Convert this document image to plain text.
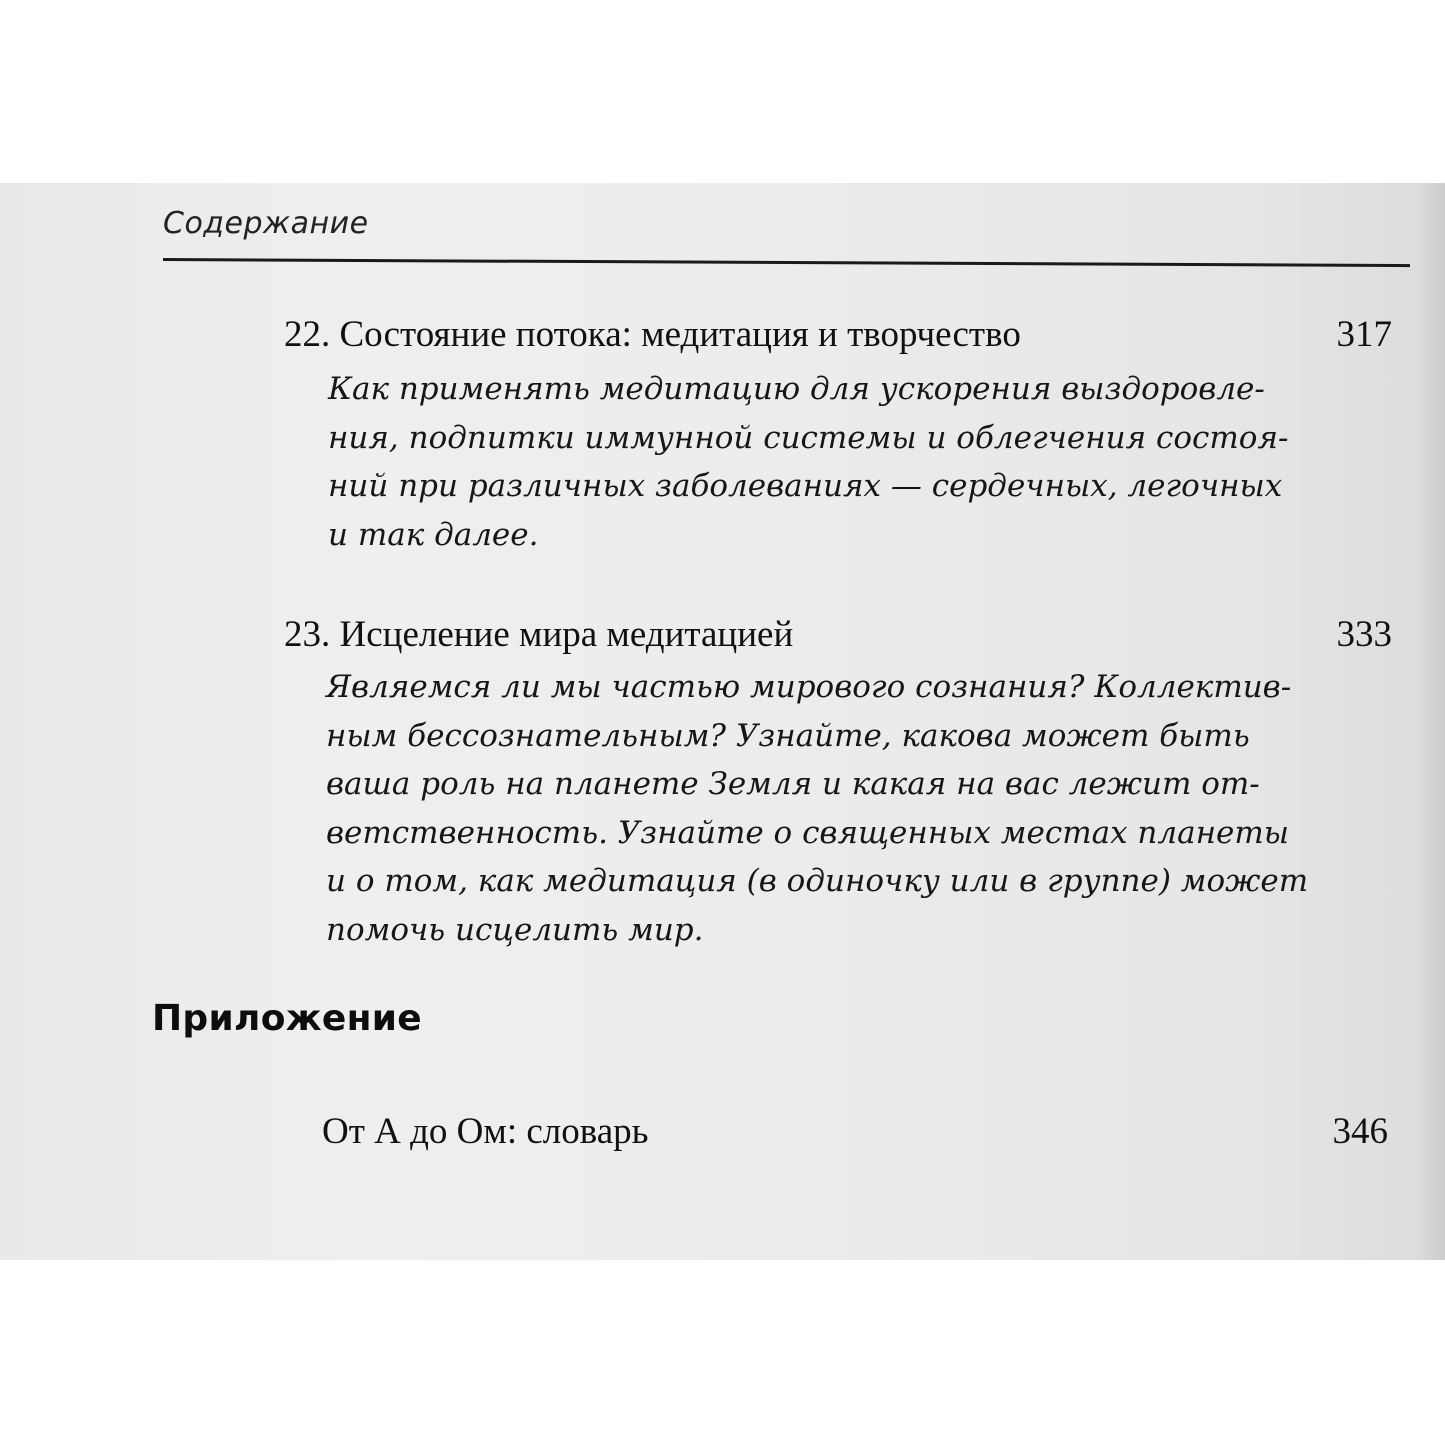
Содержание
22. Состояние потока: медитация и творчество	317
Как применять медитацию для ускорения выздоровле-
ния, подпитки иммунной системы и облегчения состоя-
ний при различных заболеваниях — сердечных, легочных
и так далее.
23. Исцеление мира медитацией	333
Являемся ли мы частью мирового сознания? Коллектив-
ным бессознательным? Узнайте, какова может быть
ваша роль на планете Земля и какая на вас лежит от-
ветственность. Узнайте о священных местах планеты
и о том, как медитация (в одиночку или в группе) может
помочь исцелить мир.
Приложение
От А до Ом: словарь	346
